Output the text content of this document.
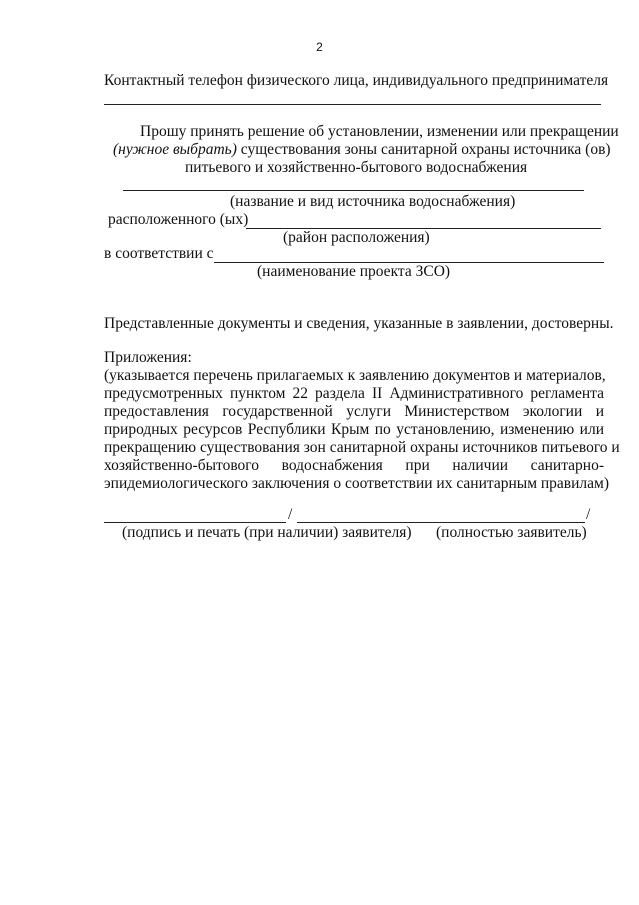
2
Контактный телефон физического лица, индивидуального предпринимателя
Прошу принять решение об установлении, изменении или прекращении
(нужное выбрать) существования зоны санитарной охраны источника (ов)
питьевого и хозяйственно-бытового водоснабжения
(название и вид источника водоснабжения)
расположенного (ых)
(район расположения)
в соответствии с
(наименование проекта ЗСО)
Представленные документы и сведения, указанные в заявлении, достоверны.
Приложения:
(указывается перечень прилагаемых к заявлению документов и материалов,
предусмотренных пунктом 22 раздела II Административного регламента
предоставления государственной услуги Министерством экологии и
природных ресурсов Республики Крым по установлению, изменению или
прекращению существования зон санитарной охраны источников питьевого и
хозяйственно-бытового водоснабжения при наличии санитарно-
эпидемиологического заключения о соответствии их санитарным правилам)
/	/
(подпись и печать (при наличии) заявителя) (полностью заявитель)
